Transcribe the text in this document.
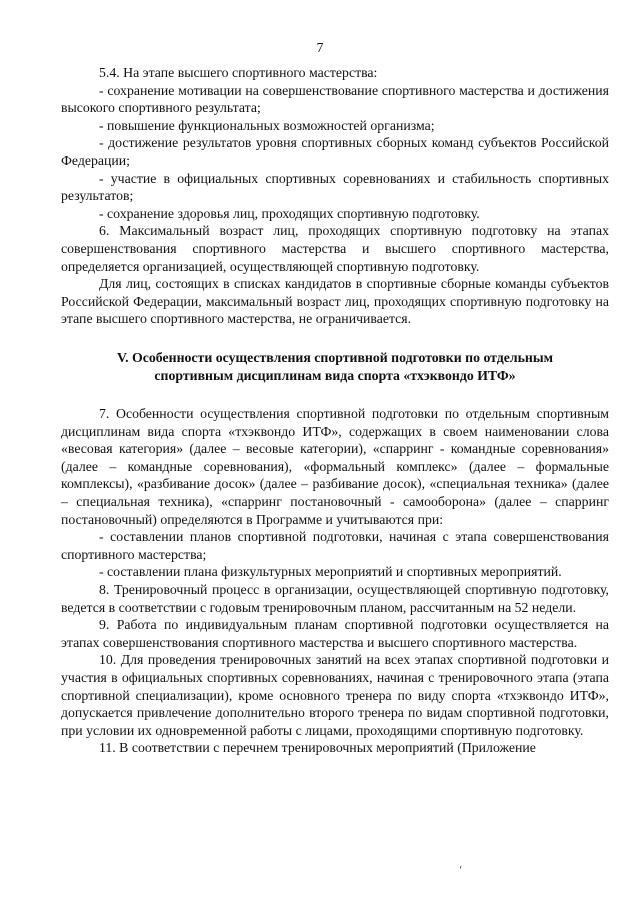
7

5.4. На этапе высшего спортивного мастерства:

- сохранение мотивации на совершенствование спортивного мастерства и достижения высокого спортивного результата;

- повышение функциональных возможностей организма;

- достижение результатов уровня спортивных сборных команд субъектов Российской Федерации;

- участие в официальных спортивных соревнованиях и стабильность спортивных результатов;

- сохранение здоровья лиц, проходящих спортивную подготовку.

6. Максимальный возраст лиц, проходящих спортивную подготовку на этапах совершенствования спортивного мастерства и высшего спортивного мастерства, определяется организацией, осуществляющей спортивную подготовку.

Для лиц, состоящих в списках кандидатов в спортивные сборные команды субъектов Российской Федерации, максимальный возраст лиц, проходящих спортивную подготовку на этапе высшего спортивного мастерства, не ограничивается.

V. Особенности осуществления спортивной подготовки по отдельным
спортивным дисциплинам вида спорта «тхэквондо ИТФ»

7. Особенности осуществления спортивной подготовки по отдельным спортивным дисциплинам вида спорта «тхэквондо ИТФ», содержащих в своем наименовании слова «весовая категория» (далее – весовые категории), «спарринг - командные соревнования» (далее – командные соревнования), «формальный комплекс» (далее – формальные комплексы), «разбивание досок» (далее – разбивание досок), «специальная техника» (далее – специальная техника), «спарринг постановочный - самооборона» (далее – спарринг постановочный) определяются в Программе и учитываются при:

- составлении планов спортивной подготовки, начиная с этапа совершенствования спортивного мастерства;

- составлении плана физкультурных мероприятий и спортивных мероприятий.

8. Тренировочный процесс в организации, осуществляющей спортивную подготовку, ведется в соответствии с годовым тренировочным планом, рассчитанным на 52 недели.

9. Работа по индивидуальным планам спортивной подготовки осуществляется на этапах совершенствования спортивного мастерства и высшего спортивного мастерства.

10. Для проведения тренировочных занятий на всех этапах спортивной подготовки и участия в официальных спортивных соревнованиях, начиная с тренировочного этапа (этапа спортивной специализации), кроме основного тренера по виду спорта «тхэквондо ИТФ», допускается привлечение дополнительно второго тренера по видам спортивной подготовки, при условии их одновременной работы с лицами, проходящими спортивную подготовку.

11. В соответствии с перечнем тренировочных мероприятий (Приложение

‘
